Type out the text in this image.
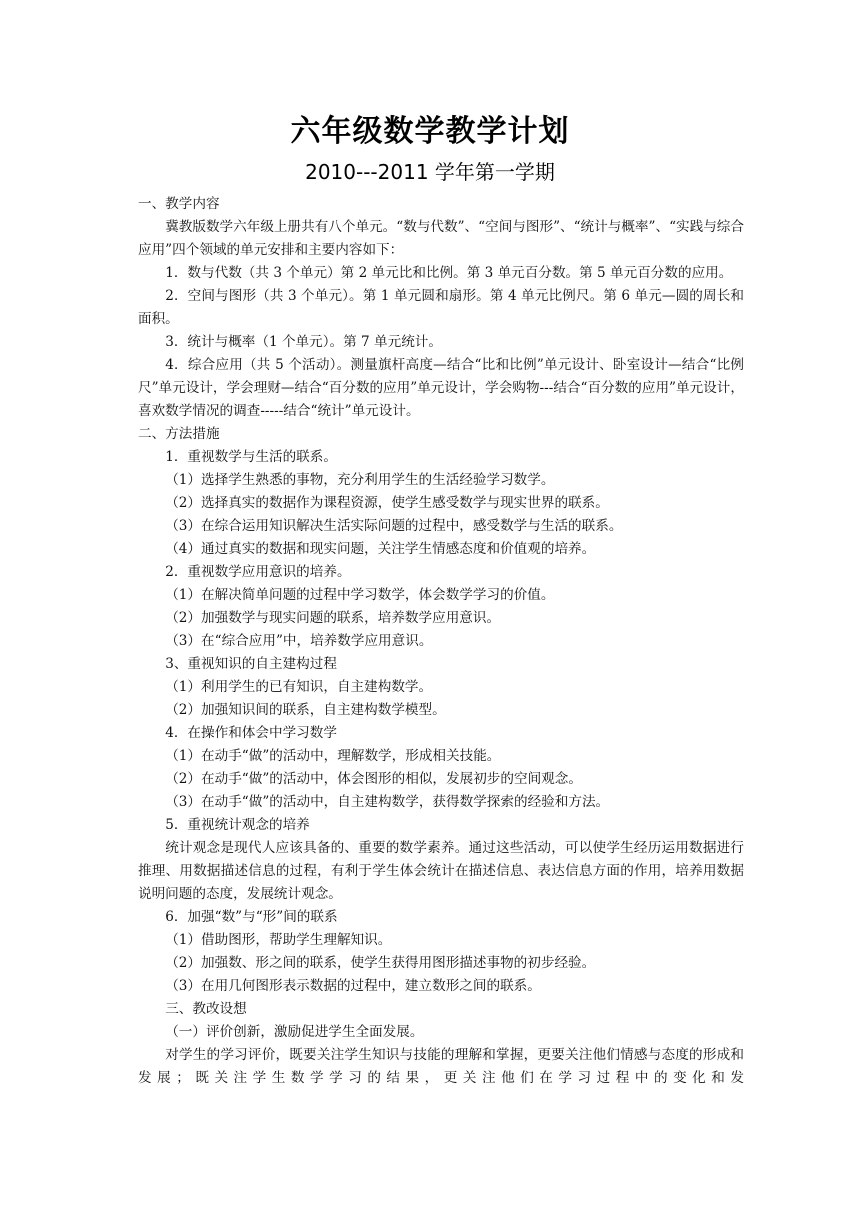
六年级数学教学计划
2010---2011 学年第一学期

一、教学内容

冀教版数学六年级上册共有八个单元。“数与代数”、“空间与图形”、“统计与概率”、“实践与综合应用”四个领域的单元安排和主要内容如下：

1．数与代数（共 3 个单元）第 2 单元比和比例。第 3 单元百分数。第 5 单元百分数的应用。

2．空间与图形（共 3 个单元）。第 1 单元圆和扇形。第 4 单元比例尺。第 6 单元—圆的周长和面积。

3．统计与概率（1 个单元）。第 7 单元统计。

4．综合应用（共 5 个活动）。测量旗杆高度—结合“比和比例”单元设计、卧室设计—结合“比例尺”单元设计，学会理财—结合“百分数的应用”单元设计，学会购物---结合“百分数的应用”单元设计，喜欢数学情况的调查-----结合“统计”单元设计。

二、方法措施

1．重视数学与生活的联系。

（1）选择学生熟悉的事物，充分利用学生的生活经验学习数学。

（2）选择真实的数据作为课程资源，使学生感受数学与现实世界的联系。

（3）在综合运用知识解决生活实际问题的过程中，感受数学与生活的联系。

（4）通过真实的数据和现实问题，关注学生情感态度和价值观的培养。

2．重视数学应用意识的培养。

（1）在解决简单问题的过程中学习数学，体会数学学习的价值。

（2）加强数学与现实问题的联系，培养数学应用意识。

（3）在“综合应用”中，培养数学应用意识。

3、重视知识的自主建构过程

（1）利用学生的已有知识，自主建构数学。

（2）加强知识间的联系，自主建构数学模型。

4．在操作和体会中学习数学

（1）在动手“做”的活动中，理解数学，形成相关技能。

（2）在动手“做”的活动中，体会图形的相似，发展初步的空间观念。

（3）在动手“做”的活动中，自主建构数学，获得数学探索的经验和方法。

5．重视统计观念的培养

统计观念是现代人应该具备的、重要的数学素养。通过这些活动，可以使学生经历运用数据进行推理、用数据描述信息的过程，有利于学生体会统计在描述信息、表达信息方面的作用，培养用数据说明问题的态度，发展统计观念。

6．加强“数”与“形”间的联系

（1）借助图形，帮助学生理解知识。

（2）加强数、形之间的联系，使学生获得用图形描述事物的初步经验。

（3）在用几何图形表示数据的过程中，建立数形之间的联系。

三、教改设想

（一）评价创新，激励促进学生全面发展。

对学生的学习评价，既要关注学生知识与技能的理解和掌握，更要关注他们情感与态度的形成和发展；既关注学生数学学习的结果，更关注他们在学习过程中的变化和发
